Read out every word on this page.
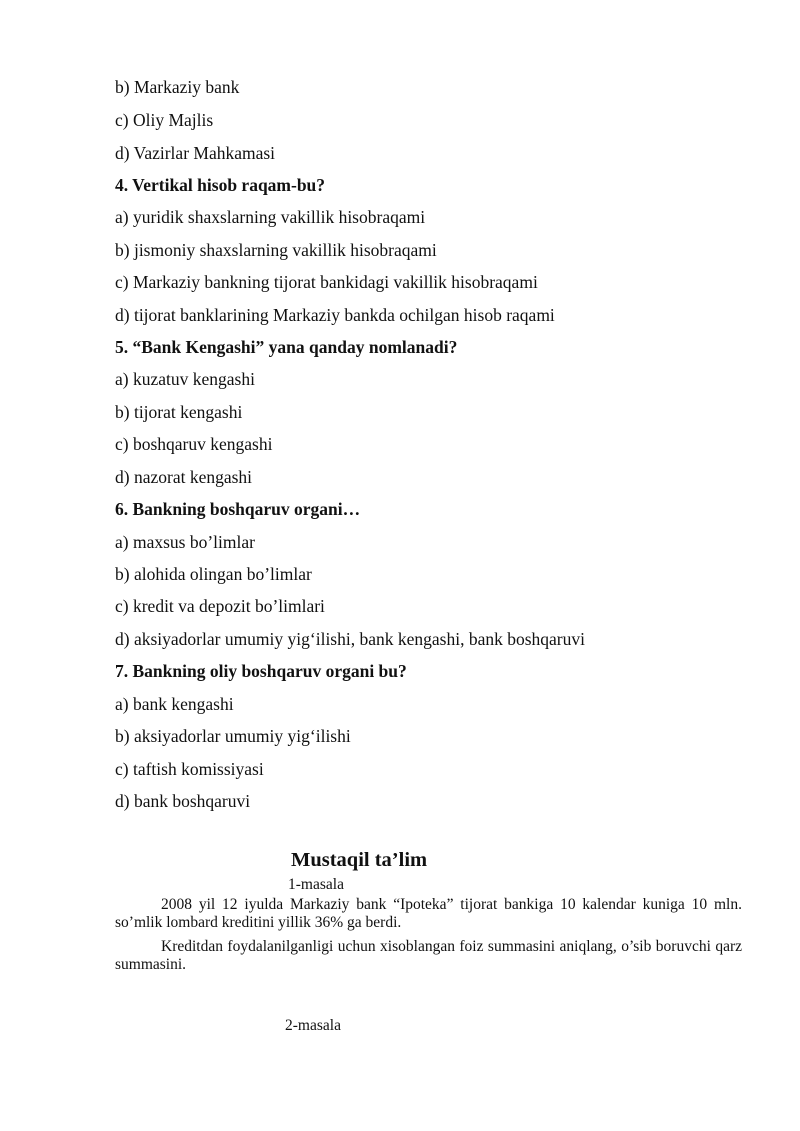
b) Markaziy bank
c) Oliy Majlis
d) Vazirlar Mahkamasi
4. Vertikal hisob raqam-bu?
a) yuridik shaxslarning vakillik hisobraqami
b) jismoniy shaxslarning vakillik hisobraqami
c) Markaziy bankning tijorat bankidagi vakillik hisobraqami
d) tijorat banklarining Markaziy bankda ochilgan hisob raqami
5. “Bank Kengashi” yana qanday nomlanadi?
a) kuzatuv kengashi
b) tijorat kengashi
c) boshqaruv kengashi
d) nazorat kengashi
6. Bankning boshqaruv organi…
a) maxsus bo’limlar
b) alohida olingan bo’limlar
c) kredit va depozit bo’limlari
d) aksiyadorlar umumiy yig‘ilishi, bank kengashi, bank boshqaruvi
7. Bankning oliy boshqaruv organi bu?
a) bank kengashi
b) aksiyadorlar umumiy yig‘ilishi
c) taftish komissiyasi
d) bank boshqaruvi
Mustaqil ta’lim
1-masala
2008 yil 12 iyulda Markaziy bank “Ipoteka” tijorat bankiga 10 kalendar kuniga 10 mln. so’mlik lombard kreditini yillik 36% ga berdi.
Kreditdan foydalanilganligi uchun xisoblangan foiz summasini aniqlang, o’sib boruvchi qarz summasini.
2-masala
